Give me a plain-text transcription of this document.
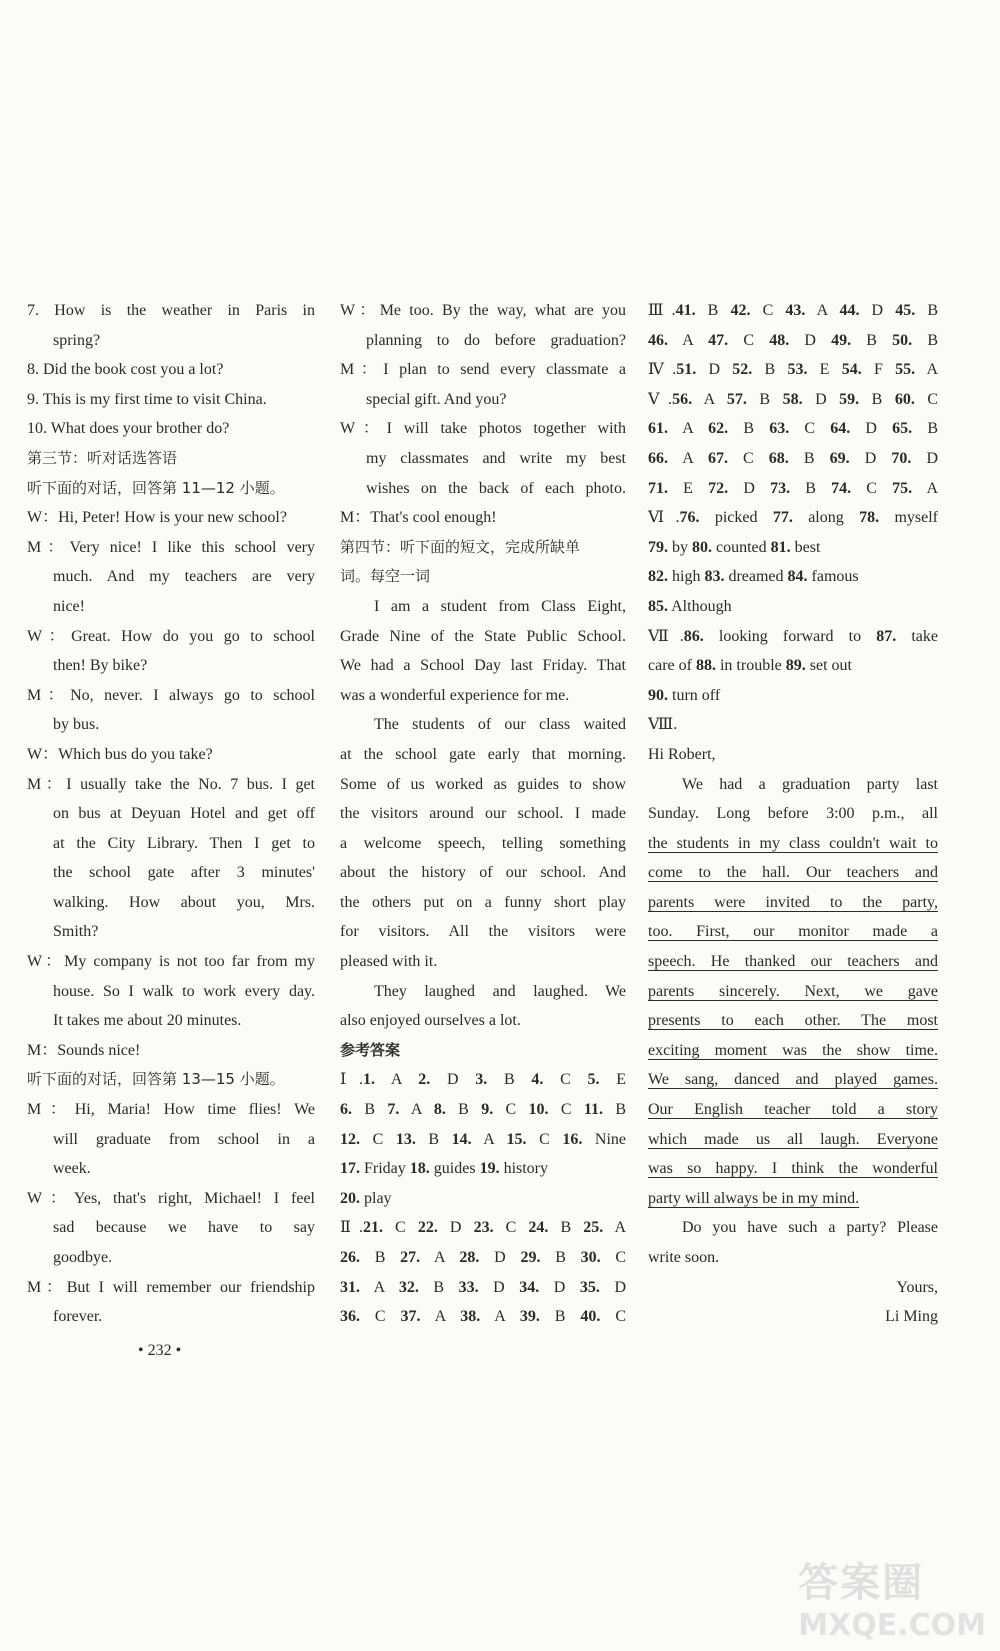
7. How is the weather in Paris in
spring?
8. Did the book cost you a lot?
9. This is my first time to visit China.
10. What does your brother do?
第三节：听对话选答语
听下面的对话，回答第 11—12 小题。
W：Hi, Peter! How is your new school?
M：Very nice! I like this school very
much. And my teachers are very
nice!
W：Great. How do you go to school
then! By bike?
M：No, never. I always go to school
by bus.
W：Which bus do you take?
M：I usually take the No. 7 bus. I get
on bus at Deyuan Hotel and get off
at the City Library. Then I get to
the school gate after 3 minutes'
walking. How about you, Mrs.
Smith?
W：My company is not too far from my
house. So I walk to work every day.
It takes me about 20 minutes.
M：Sounds nice!
听下面的对话，回答第 13—15 小题。
M：Hi, Maria! How time flies! We
will graduate from school in a
week.
W：Yes, that's right, Michael! I feel
sad because we have to say
goodbye.
M：But I will remember our friendship
forever.
W：Me too. By the way, what are you
planning to do before graduation?
M：I plan to send every classmate a
special gift. And you?
W：I will take photos together with
my classmates and write my best
wishes on the back of each photo.
M：That's cool enough!
第四节：听下面的短文，完成所缺单
词。每空一词
I am a student from Class Eight,
Grade Nine of the State Public School.
We had a School Day last Friday. That
was a wonderful experience for me.
The students of our class waited
at the school gate early that morning.
Some of us worked as guides to show
the visitors around our school. I made
a welcome speech, telling something
about the history of our school. And
the others put on a funny short play
for visitors. All the visitors were
pleased with it.
They laughed and laughed. We
also enjoyed ourselves a lot.
参考答案
Ⅰ.1. A 2. D 3. B 4. C 5. E
6. B 7. A 8. B 9. C 10. C 11. B
12. C 13. B 14. A 15. C 16. Nine
17. Friday 18. guides 19. history
20. play
Ⅱ.21. C 22. D 23. C 24. B 25. A
26. B 27. A 28. D 29. B 30. C
31. A 32. B 33. D 34. D 35. D
36. C 37. A 38. A 39. B 40. C
Ⅲ.41. B 42. C 43. A 44. D 45. B
46. A 47. C 48. D 49. B 50. B
Ⅳ.51. D 52. B 53. E 54. F 55. A
Ⅴ.56. A 57. B 58. D 59. B 60. C
61. A 62. B 63. C 64. D 65. B
66. A 67. C 68. B 69. D 70. D
71. E 72. D 73. B 74. C 75. A
Ⅵ.76. picked 77. along 78. myself
79. by 80. counted 81. best
82. high 83. dreamed 84. famous
85. Although
Ⅶ.86. looking forward to 87. take
care of 88. in trouble 89. set out
90. turn off
Ⅷ.
Hi Robert,
We had a graduation party last
Sunday. Long before 3:00 p.m., all
the students in my class couldn't wait to
come to the hall. Our teachers and
parents were invited to the party,
too. First, our monitor made a
speech. He thanked our teachers and
parents sincerely. Next, we gave
presents to each other. The most
exciting moment was the show time.
We sang, danced and played games.
Our English teacher told a story
which made us all laugh. Everyone
was so happy. I think the wonderful
party will always be in my mind.
Do you have such a party? Please
write soon.
Yours,
Li Ming
• 232 •
答案圈
MXQE.COM
